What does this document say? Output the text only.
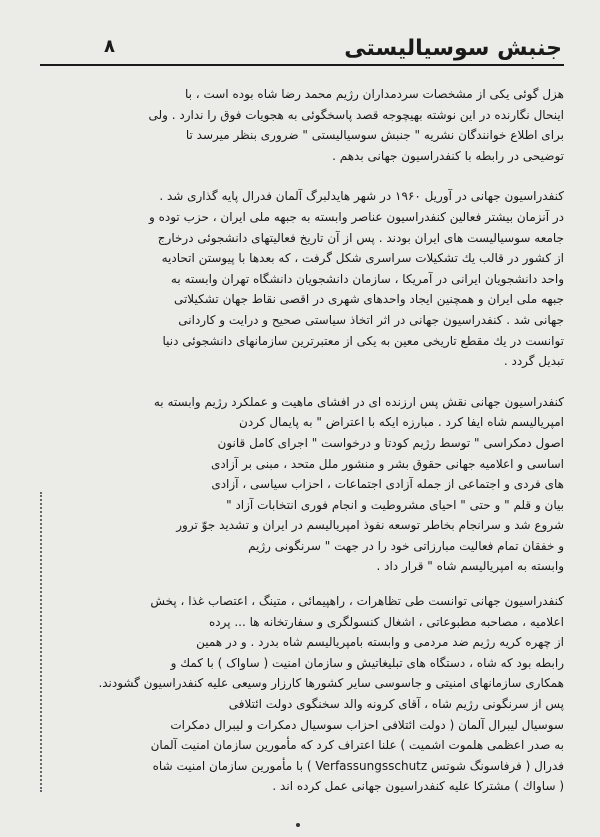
جنبش سوسیالیستی
۸

هزل گوئی یکی از مشخصات سردمداران رژیم محمد رضا شاه بوده است ، با
اینحال نگارنده در این نوشته بهیچوجه قصد پاسخگوئی به هجویات فوق را ندارد . ولی
برای اطلاع خوانندگان نشریه " جنبش سوسیالیستی " ضروری بنظر میرسد تا
توضیحی در رابطه با کنفدراسیون جهانی بدهم .

کنفدراسیون جهانی در آوریل ۱۹۶۰ در شهر هایدلبرگ آلمان فدرال پایه گذاری شد .
در آنزمان بیشتر فعالین کنفدراسیون عناصر وابسته به جبهه ملی ایران ، حزب توده و
جامعه سوسیالیست های ایران بودند . پس از آن تاریخ فعالیتهای دانشجوئی درخارج
از کشور در قالب یك تشکیلات سراسری شکل گرفت ، که بعدها با پیوستن اتحادیه
واحد دانشجویان ایرانی در آمریکا ، سازمان دانشجویان دانشگاه تهران وابسته به
جبهه ملی ایران و همچنین ایجاد واحدهای شهری در اقصی نقاط جهان تشکیلاتی
جهانی شد . کنفدراسیون جهانی در اثر اتخاذ سیاستی صحیح و درایت و کاردانی
توانست در یك مقطع تاریخی معین به یکی از معتبرترین سازمانهای دانشجوئی دنیا
تبدیل گردد .

کنفدراسیون جهانی نقش پس ارزنده ای در افشای ماهیت و عملکرد رژیم وابسته به
امپریالیسم شاه ایفا کرد . مبارزه ایکه با اعتراض " به پایمال کردن
اصول دمکراسی " توسط رژیم کودتا و درخواست " اجرای کامل قانون
اساسی و اعلامیه جهانی حقوق بشر و منشور ملل متحد ، مبنی بر آزادی
های فردی و اجتماعی از جمله آزادی اجتماعات ، احزاب سیاسی ، آزادی
بیان و قلم " و حتی " احیای مشروطیت و انجام فوری انتخابات آزاد "
شروع شد و سرانجام بخاطر توسعه نفوذ امپریالیسم در ایران و تشدید جوّ ترور
و خفقان تمام فعالیت مبارزاتی خود را در جهت " سرنگونی رژیم
وابسته به امپریالیسم شاه " قرار داد .

کنفدراسیون جهانی توانست طی تظاهرات ، راهپیمائی ، متینگ ، اعتصاب غذا ، پخش
اعلامیه ، مصاحبه مطبوعاتی ، اشغال کنسولگری و سفارتخانه ها ... پرده
از چهره کریه رژیم ضد مردمی و وابسته بامپریالیسم شاه بدرد . و در همین
رابطه بود که شاه ، دستگاه های تبلیغاتیش و سازمان امنیت ( ساواک ) با کمك و
همکاری سازمانهای امنیتی و جاسوسی سایر کشورها کارزار وسیعی علیه کنفدراسیون گشودند.
پس از سرنگونی رژیم شاه ، آقای کرونه والد سخنگوی دولت ائتلافی
سوسیال لیبرال آلمان ( دولت ائتلافی احزاب سوسیال دمکرات و لیبرال دمکرات
به صدر اعظمی هلموت اشمیت ) علنا اعتراف کرد که مأمورین سازمان امنیت آلمان
فدرال ( فرفاسونگ شوتس Verfassungsschutz ) با مأمورین سازمان امنیت شاه
( ساواك ) مشترکا علیه کنفدراسیون جهانی عمل کرده اند .
